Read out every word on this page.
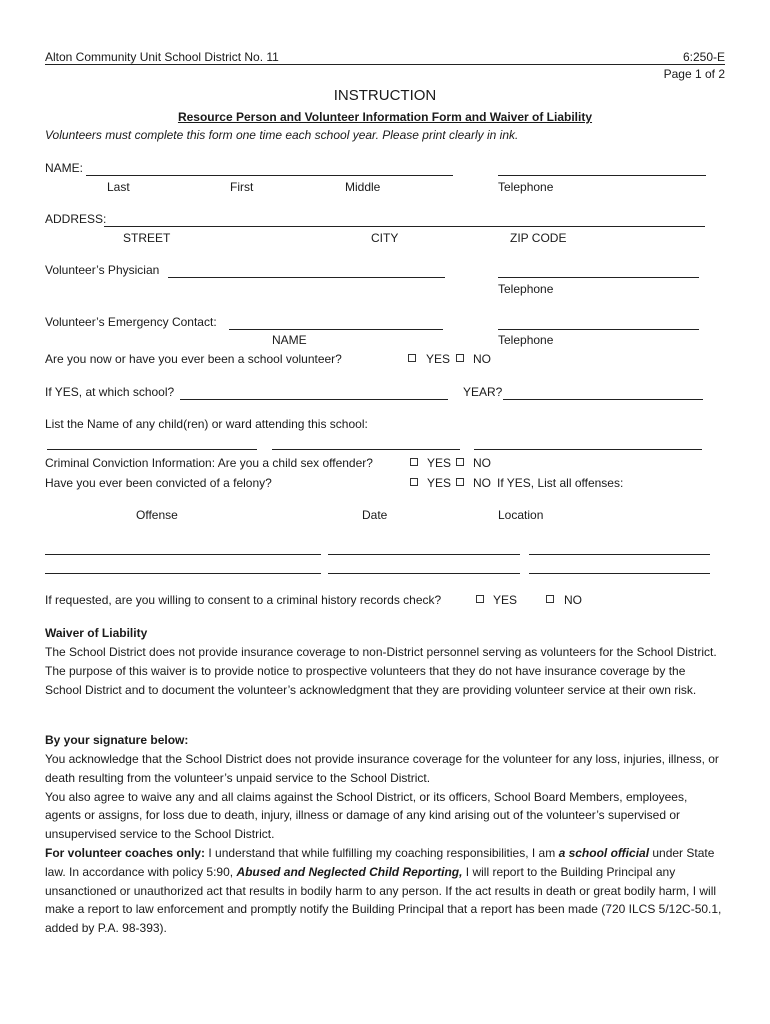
Alton Community Unit School District No. 11	6:250-E
Page 1 of 2
INSTRUCTION
Resource Person and Volunteer Information Form and Waiver of Liability
Volunteers must complete this form one time each school year. Please print clearly in ink.
NAME:
Last	First	Middle	Telephone
ADDRESS:
STREET	CITY	ZIP CODE
Volunteer’s Physician
Telephone
Volunteer’s Emergency Contact:
NAME	Telephone
Are you now or have you ever been a school volunteer?	YES NO
If YES, at which school?	YEAR?
List the Name of any child(ren) or ward attending this school:
Criminal Conviction Information: Are you a child sex offender?	YES NO
Have you ever been convicted of a felony?	YES NO If YES, List all offenses:
Offense	Date	Location
If requested, are you willing to consent to a criminal history records check?	YES	NO
Waiver of Liability
The School District does not provide insurance coverage to non-District personnel serving as volunteers for the School District. The purpose of this waiver is to provide notice to prospective volunteers that they do not have insurance coverage by the School District and to document the volunteer’s acknowledgment that they are providing volunteer service at their own risk.
By your signature below:

You acknowledge that the School District does not provide insurance coverage for the volunteer for any loss, injuries, illness, or death resulting from the volunteer’s unpaid service to the School District.

You also agree to waive any and all claims against the School District, or its officers, School Board Members, employees, agents or assigns, for loss due to death, injury, illness or damage of any kind arising out of the volunteer’s supervised or unsupervised service to the School District.

For volunteer coaches only: I understand that while fulfilling my coaching responsibilities, I am a school official under State law. In accordance with policy 5:90, Abused and Neglected Child Reporting, I will report to the Building Principal any unsanctioned or unauthorized act that results in bodily harm to any person. If the act results in death or great bodily harm, I will make a report to law enforcement and promptly notify the Building Principal that a report has been made (720 ILCS 5/12C-50.1, added by P.A. 98-393).
